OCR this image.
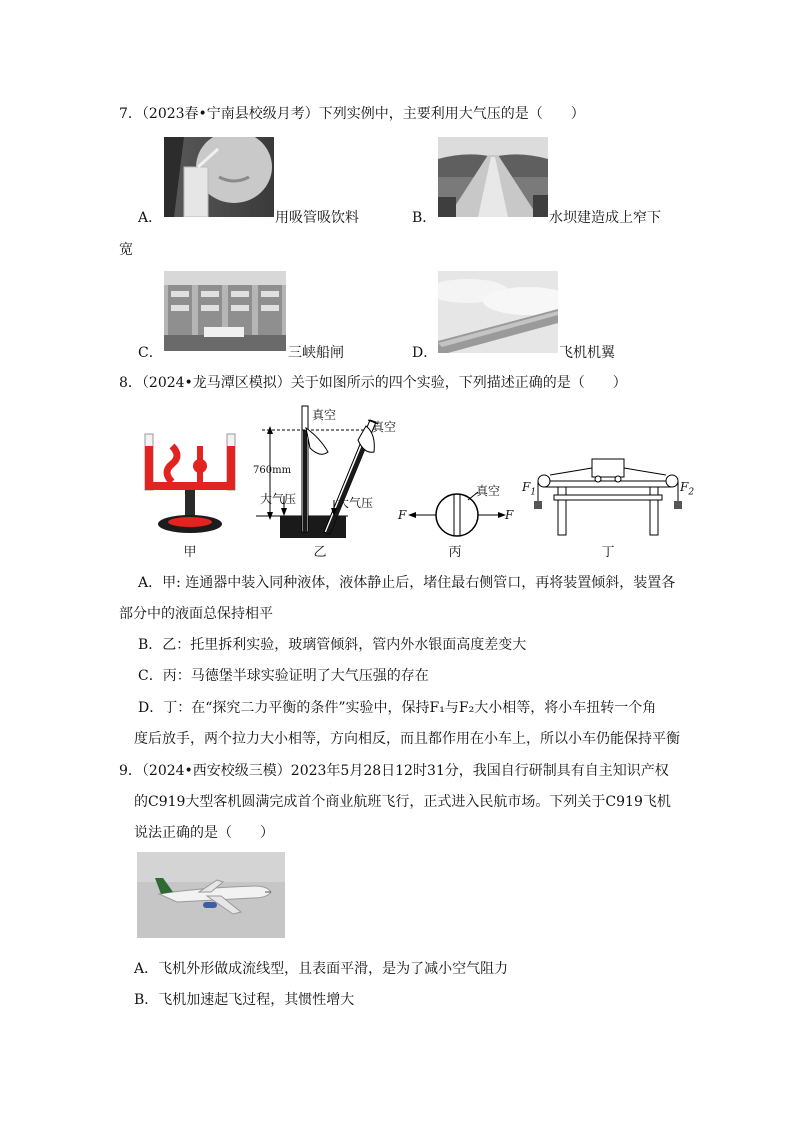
7．（2023春•宁南县校级月考）下列实例中，主要利用大气压的是（　　）
A．	用吸管吸饮料	B．	水坝建造成上窄下
宽
C．	三峡船闸	D．	飞机机翼
8．（2024•龙马潭区模拟）关于如图所示的四个实验，下列描述正确的是（　　）
甲
真空
真空
760mm
大气压	大气压
乙
真空
F	F
丙
$F_1$	$F_2$
丁
A．甲: 连通器中装入同种液体，液体静止后，堵住最右侧管口，再将装置倾斜，装置各
部分中的液面总保持相平
B．乙：托里拆利实验，玻璃管倾斜，管内外水银面高度差变大
C．丙：马德堡半球实验证明了大气压强的存在
D．丁：在“探究二力平衡的条件”实验中，保持F₁与F₂大小相等，将小车扭转一个角
度后放手，两个拉力大小相等，方向相反，而且都作用在小车上，所以小车仍能保持平衡
9．（2024•西安校级三模）2023年5月28日12时31分，我国自行研制具有自主知识产权
的C919大型客机圆满完成首个商业航班飞行，正式进入民航市场。下列关于C919飞机
说法正确的是（　　）
A．飞机外形做成流线型，且表面平滑，是为了减小空气阻力
B．飞机加速起飞过程，其惯性增大
